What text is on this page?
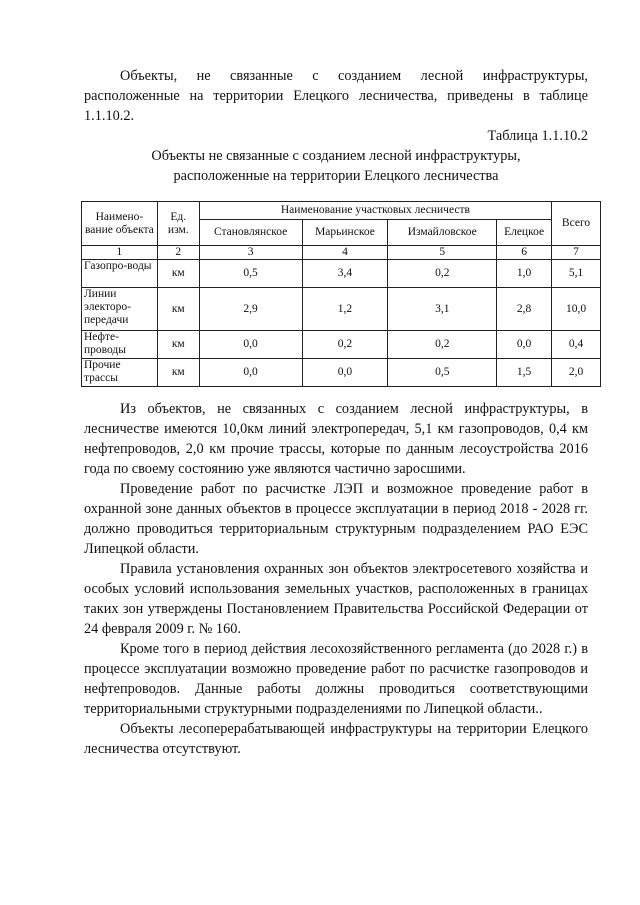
Объекты, не связанные с созданием лесной инфраструктуры, расположенные на территории Елецкого лесничества, приведены в таблице 1.1.10.2.

Таблица 1.1.10.2
Объекты не связанные с созданием лесной инфраструктуры,
расположенные на территории Елецкого лесничества
Наимено-вание объекта	Ед. изм.	Наименование участковых лесничеств				Всего
		Становлянское	Марьинское	Измайловское	Елецкое	
1	2	3	4	5	6	7
Газопро-воды	км	0,5	3,4	0,2	1,0	5,1
Линии электоро-передачи	км	2,9	1,2	3,1	2,8	10,0
Нефте-проводы	км	0,0	0,2	0,2	0,0	0,4
Прочие трассы	км	0,0	0,0	0,5	1,5	2,0

Из объектов, не связанных с созданием лесной инфраструктуры, в лесничестве имеются 10,0км линий электропередач, 5,1 км газопроводов, 0,4 км нефтепроводов, 2,0 км прочие трассы, которые по данным лесоустройства 2016 года по своему состоянию уже являются частично заросшими.

Проведение работ по расчистке ЛЭП и возможное проведение работ в охранной зоне данных объектов в процессе эксплуатации в период 2018 - 2028 гг. должно проводиться территориальным структурным подразделением РАО ЕЭС Липецкой области.

Правила установления охранных зон объектов электросетевого хозяйства и особых условий использования земельных участков, расположенных в границах таких зон утверждены Постановлением Правительства Российской Федерации от 24 февраля 2009 г. № 160.

Кроме того в период действия лесохозяйственного регламента (до 2028 г.) в процессе эксплуатации возможно проведение работ по расчистке газопроводов и нефтепроводов. Данные работы должны проводиться соответствующими территориальными структурными подразделениями по Липецкой области..

Объекты лесоперерабатывающей инфраструктуры на территории Елецкого лесничества отсутствуют.
